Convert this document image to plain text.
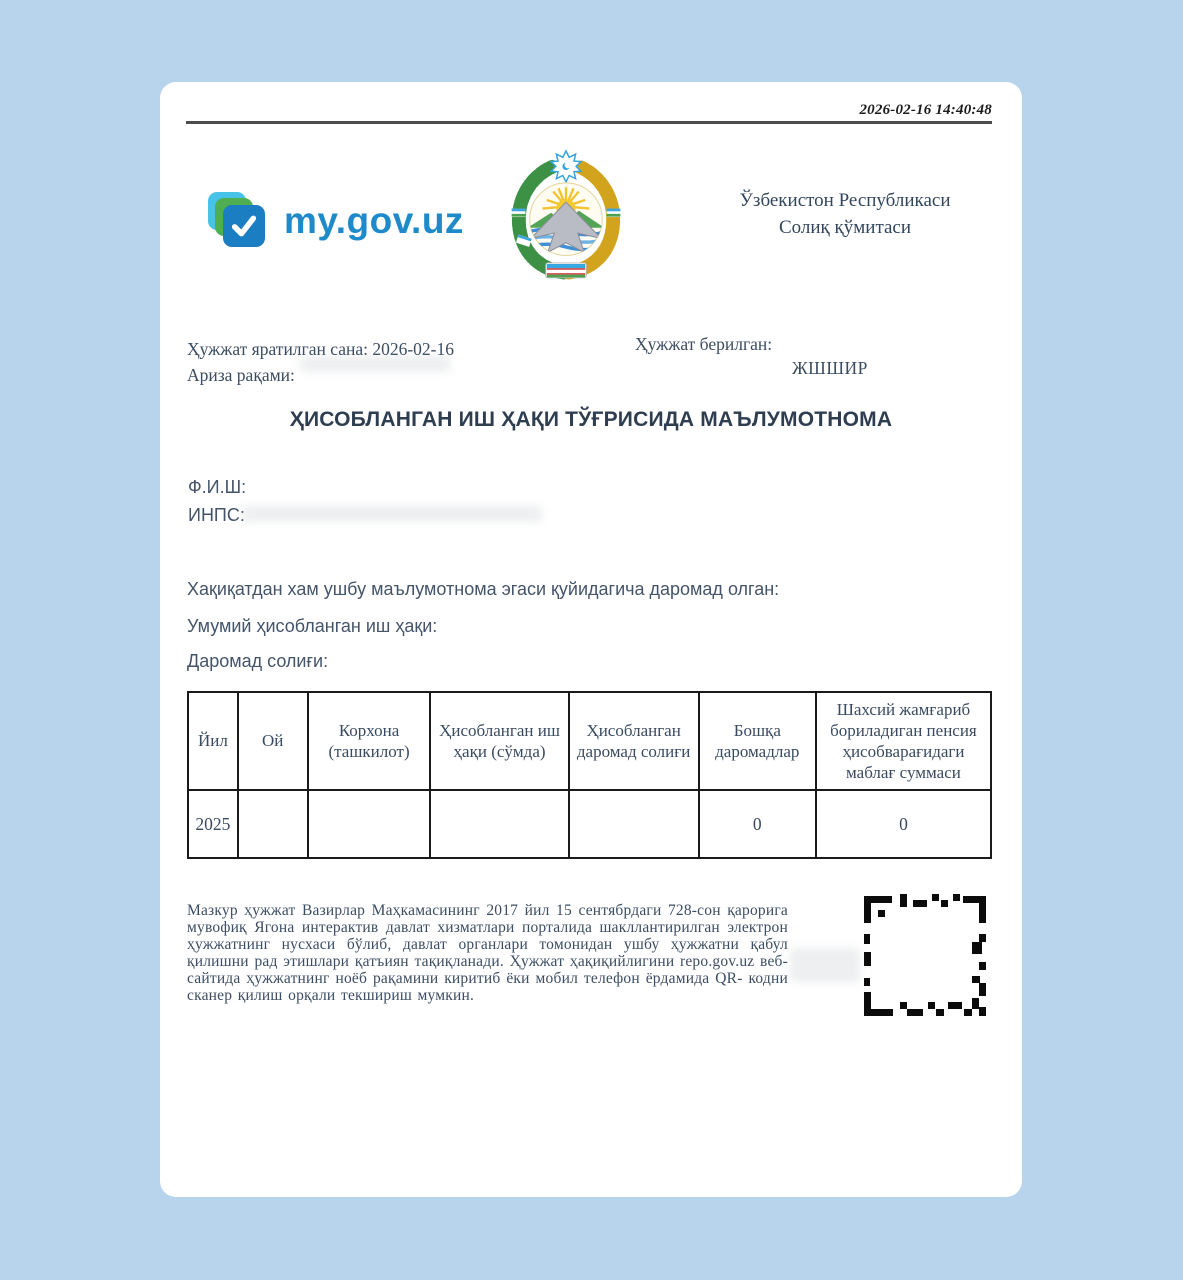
2026-02-16 14:40:48
my.gov.uz	Ўзбекистон Республикаси
Солиқ қўмитаси
Ҳужжат яратилган сана: 2026-02-16
Ариза рақами:
Ҳужжат берилган:
ЖШШИР
ҲИСОБЛАНГАН ИШ ҲАҚИ ТЎҒРИСИДА МАЪЛУМОТНОМА
Ф.И.Ш:
ИНПС:
Хақиқатдан хам ушбу маълумотнома эгаси қуйидагича даромад олган:
Умумий ҳисобланган иш ҳақи:
Даромад солиғи:
Йил	Ой	Корхона (ташкилот)	Ҳисобланган иш ҳақи (сўмда)	Ҳисобланган даромад солиғи	Бошқа даромадлар	Шахсий жамғариб бориладиган пенсия ҳисобварағидаги маблағ суммаси
2025					0	0
Мазкур ҳужжат Вазирлар Маҳкамасининг 2017 йил 15 сентябрдаги 728-сон қарорига мувофиқ Ягона интерактив давлат хизматлари порталида шакллантирилган электрон ҳужжатнинг нусхаси бўлиб, давлат органлари томонидан ушбу ҳужжатни қабул қилишни рад этишлари қатъиян тақиқланади. Ҳужжат ҳақиқийлигини repo.gov.uz веб-сайтида ҳужжатнинг ноёб рақамини киритиб ёки мобил телефон ёрдамида QR- кодни сканер қилиш орқали текшириш мумкин.
